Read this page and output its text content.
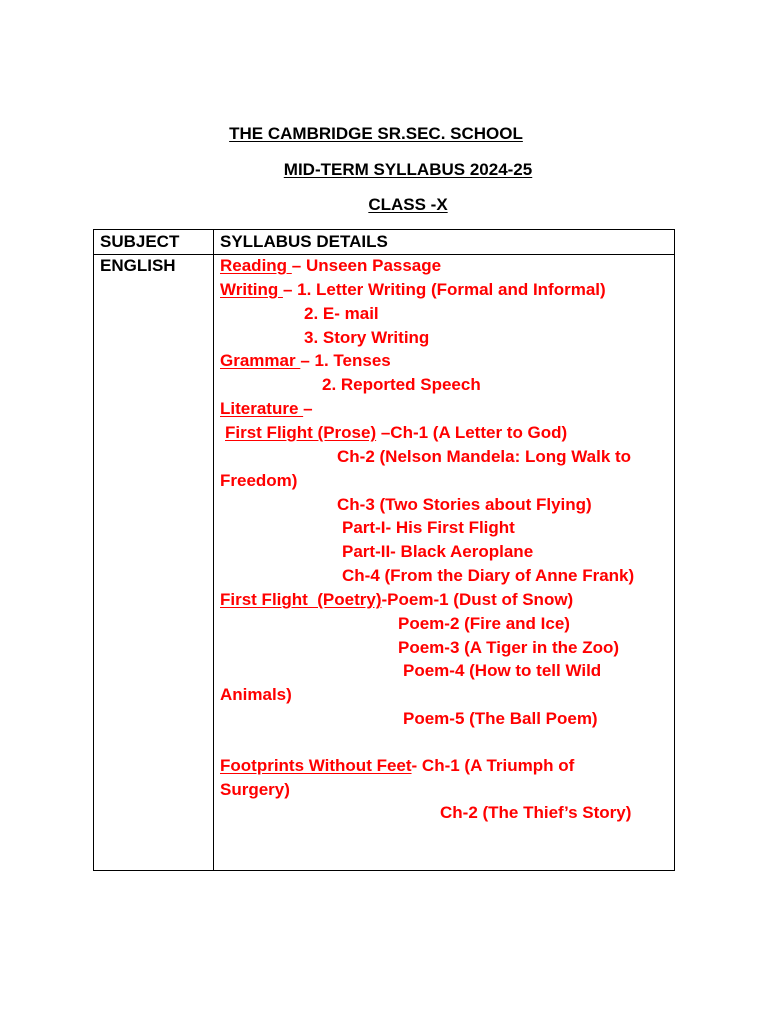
THE CAMBRIDGE SR.SEC. SCHOOL
MID-TERM SYLLABUS 2024-25
CLASS -X
SUBJECT SYLLABUS DETAILS
ENGLISH	Reading – Unseen Passage
Writing – 1. Letter Writing (Formal and Informal)
2. E- mail
3. Story Writing
Grammar – 1. Tenses
2. Reported Speech
Literature –
First Flight (Prose) –Ch-1 (A Letter to God)
Ch-2 (Nelson Mandela: Long Walk to
Freedom)
Ch-3 (Two Stories about Flying)
Part-I- His First Flight
Part-II- Black Aeroplane
Ch-4 (From the Diary of Anne Frank)
First Flight  (Poetry)-Poem-1 (Dust of Snow)
Poem-2 (Fire and Ice)
Poem-3 (A Tiger in the Zoo)
Poem-4 (How to tell Wild
Animals)
Poem-5 (The Ball Poem)
Footprints Without Feet- Ch-1 (A Triumph of
Surgery)
Ch-2 (The Thief’s Story)
